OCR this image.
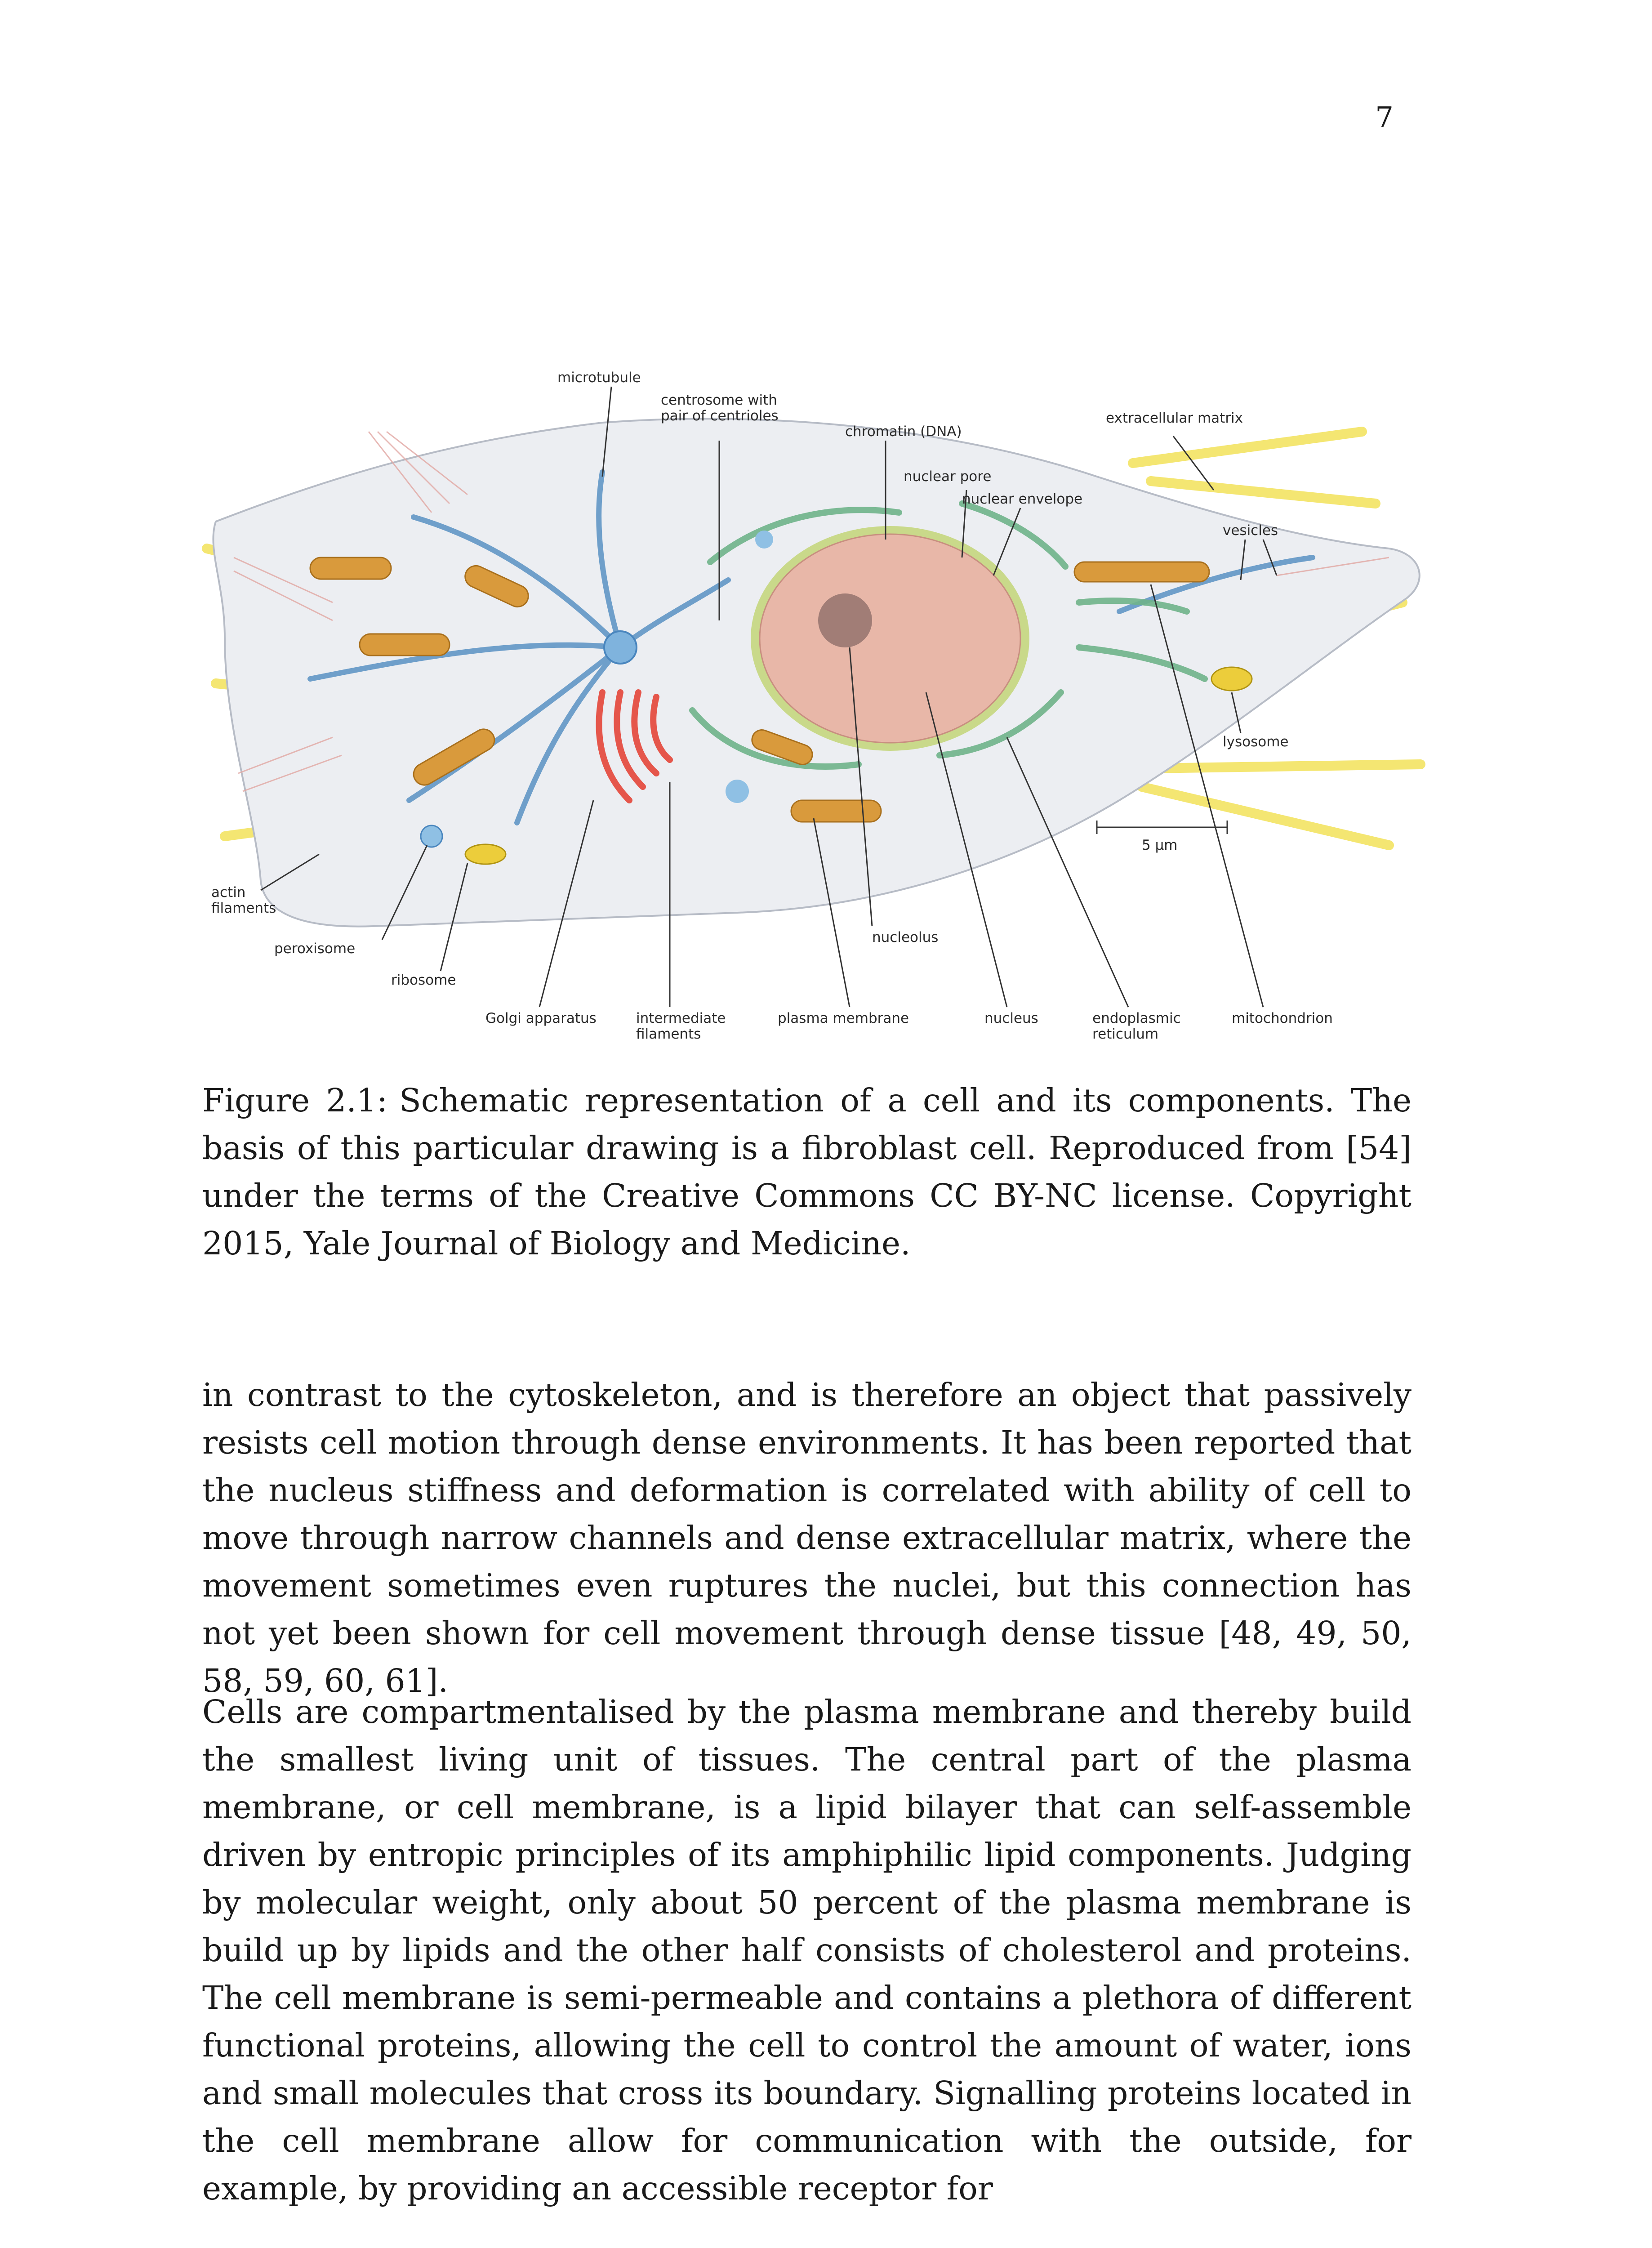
7
microtubule
centrosome with
pair of centrioles
chromatin (DNA)
nuclear pore
nuclear envelope
extracellular matrix
vesicles
lysosome
5 µm
actin
filaments
peroxisome
ribosome
Golgi apparatus	intermediate
filaments
plasma membrane
nucleolus
nucleus	endoplasmic
reticulum
mitochondrion
Figure 2.1: Schematic representation of a cell and its components. The basis of this particular drawing is a fibroblast cell. Reproduced from [54] under the terms of the Creative Commons CC BY-NC license. Copyright 2015, Yale Journal of Biology and Medicine.

in contrast to the cytoskeleton, and is therefore an object that passively resists cell motion through dense environments. It has been reported that the nucleus stiffness and deformation is correlated with ability of cell to move through narrow channels and dense extracellular matrix, where the movement sometimes even ruptures the nuclei, but this connection has not yet been shown for cell movement through dense tissue [48, 49, 50, 58, 59, 60, 61].

Cells are compartmentalised by the plasma membrane and thereby build the smallest living unit of tissues. The central part of the plasma membrane, or cell membrane, is a lipid bilayer that can self-assemble driven by entropic principles of its amphiphilic lipid components. Judging by molecular weight, only about 50 percent of the plasma membrane is build up by lipids and the other half consists of cholesterol and proteins. The cell membrane is semi-permeable and contains a plethora of different functional proteins, allowing the cell to control the amount of water, ions and small molecules that cross its boundary. Signalling proteins located in the cell membrane allow for communication with the outside, for example, by providing an accessible receptor for
